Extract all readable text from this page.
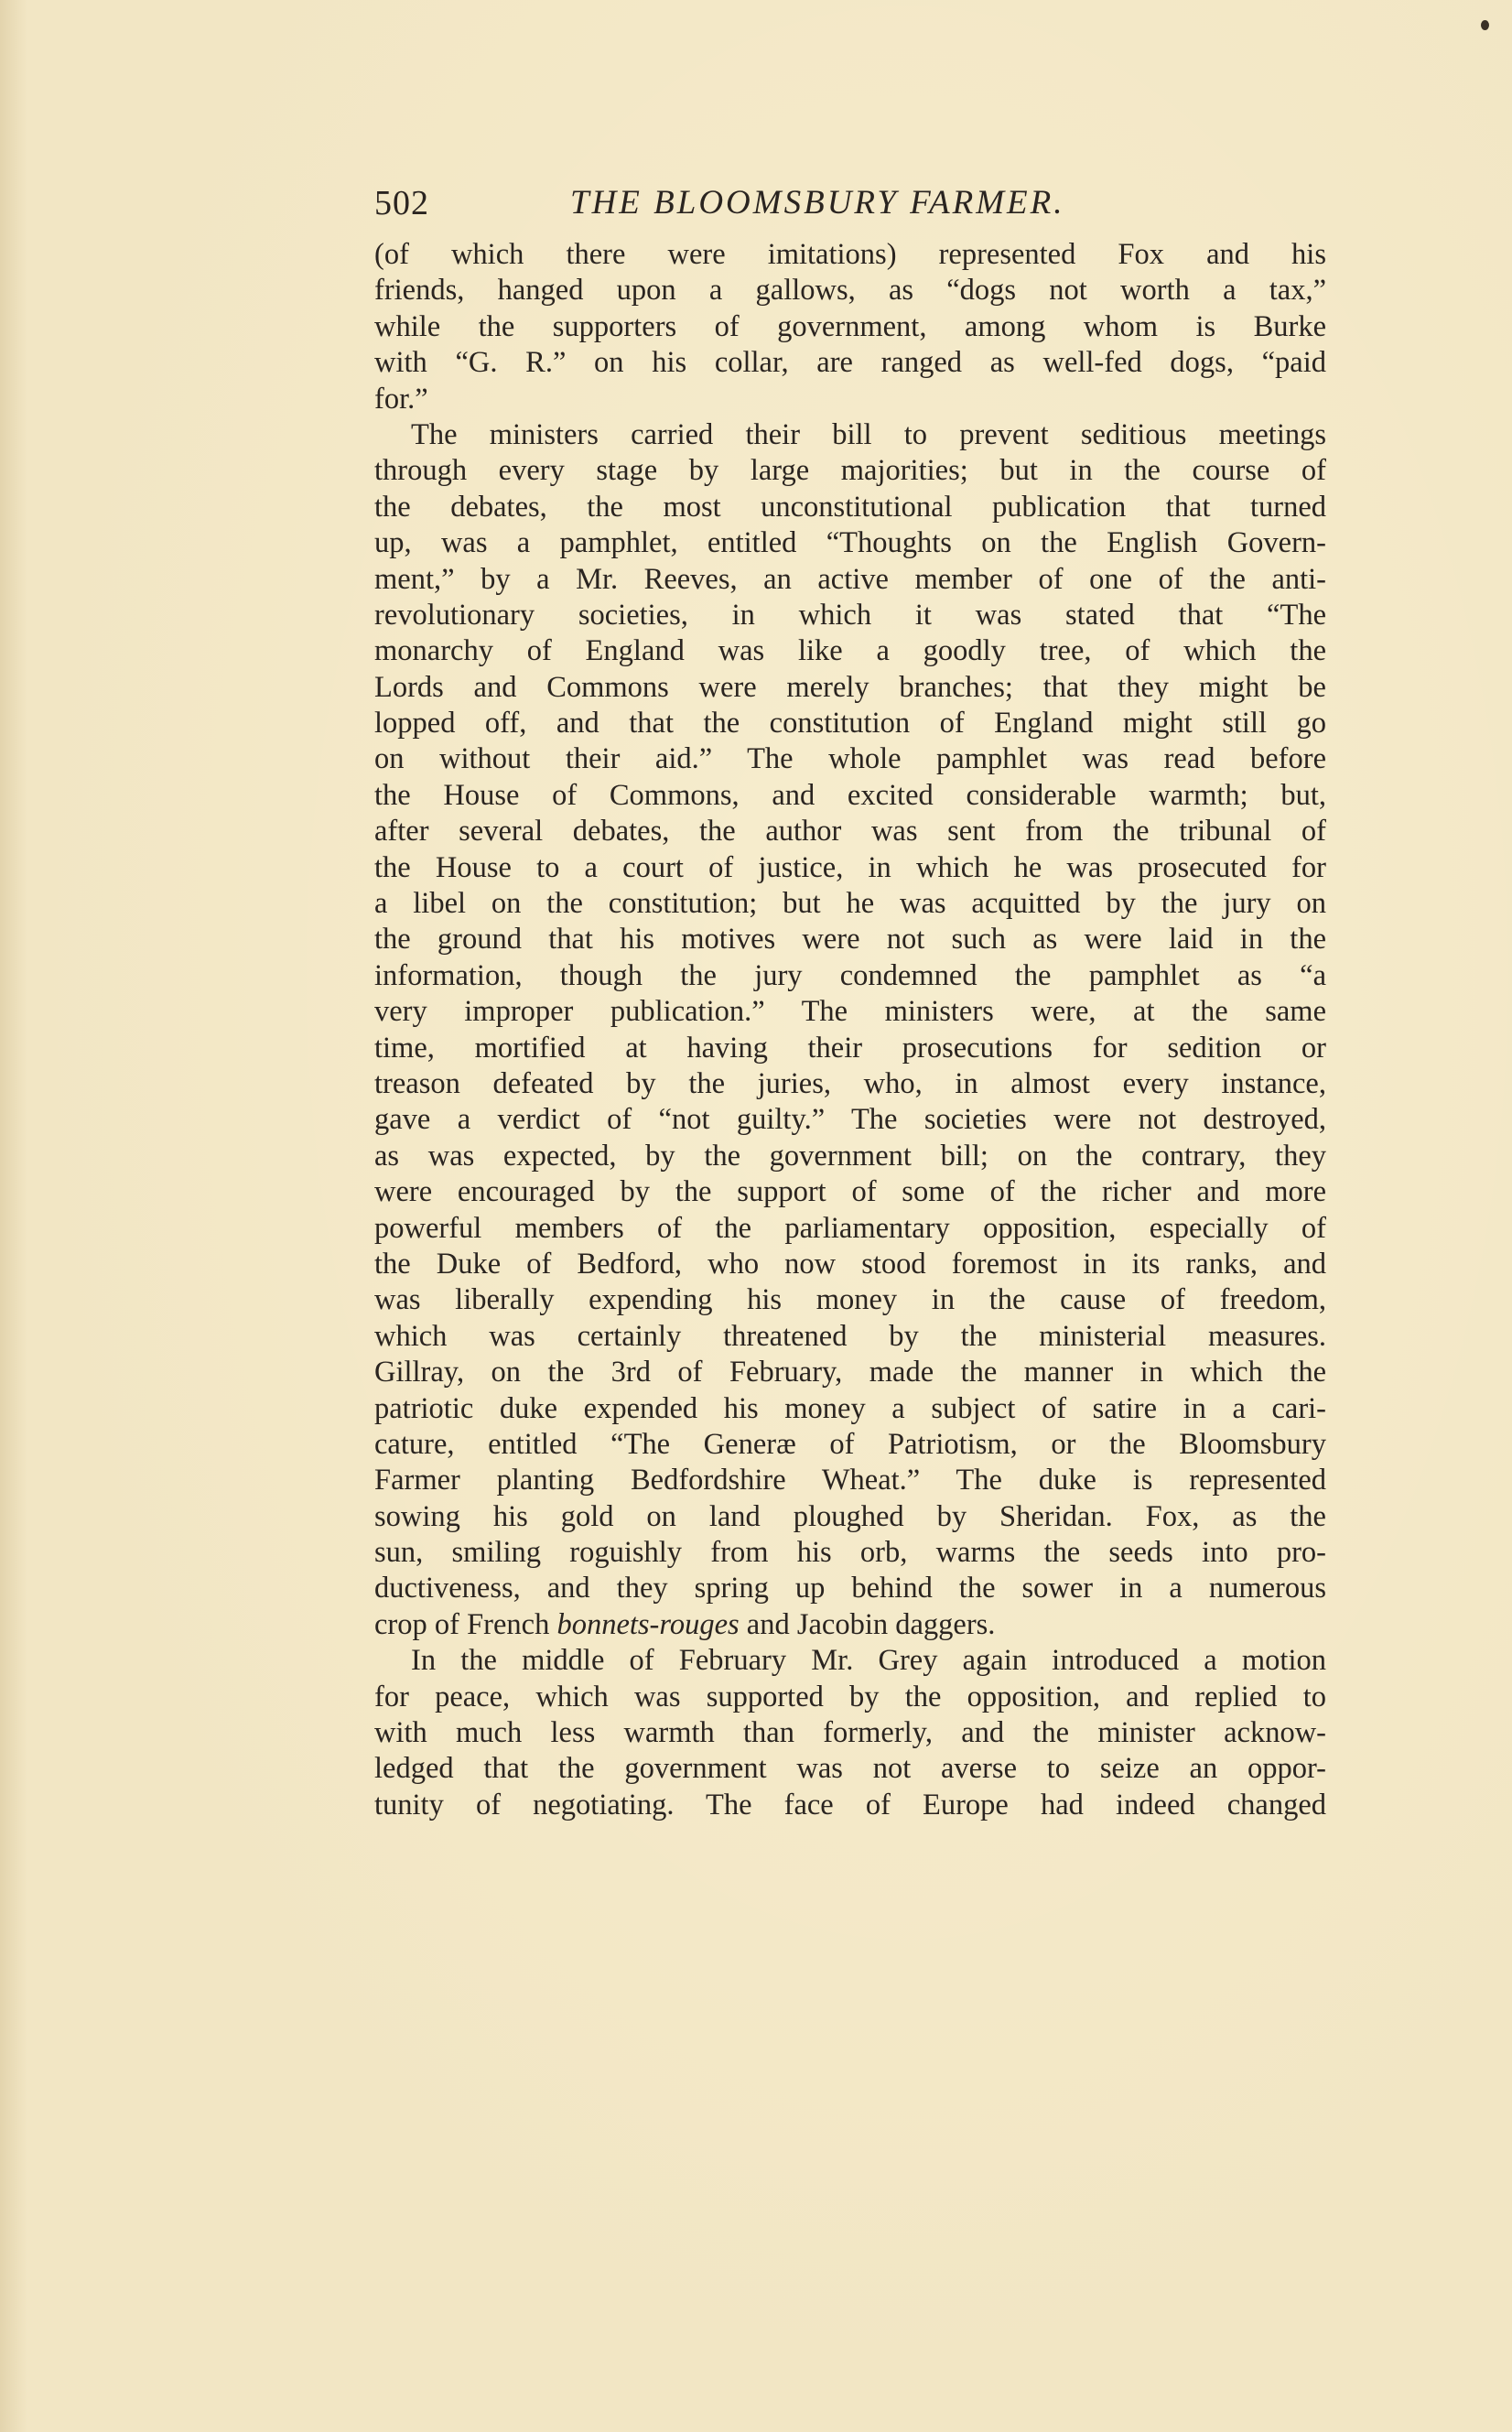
502	THE BLOOMSBURY FARMER.
(of which there were imitations) represented Fox and his
friends, hanged upon a gallows, as “dogs not worth a tax,”
while the supporters of government, among whom is Burke
with “G. R.” on his collar, are ranged as well-fed dogs, “paid
for.”
The ministers carried their bill to prevent seditious meetings
through every stage by large majorities; but in the course of
the debates, the most unconstitutional publication that turned
up, was a pamphlet, entitled “Thoughts on the English Govern-
ment,” by a Mr. Reeves, an active member of one of the anti-
revolutionary societies, in which it was stated that “The
monarchy of England was like a goodly tree, of which the
Lords and Commons were merely branches; that they might be
lopped off, and that the constitution of England might still go
on without their aid.” The whole pamphlet was read before
the House of Commons, and excited considerable warmth; but,
after several debates, the author was sent from the tribunal of
the House to a court of justice, in which he was prosecuted for
a libel on the constitution; but he was acquitted by the jury on
the ground that his motives were not such as were laid in the
information, though the jury condemned the pamphlet as “a
very improper publication.” The ministers were, at the same
time, mortified at having their prosecutions for sedition or
treason defeated by the juries, who, in almost every instance,
gave a verdict of “not guilty.” The societies were not destroyed,
as was expected, by the government bill; on the contrary, they
were encouraged by the support of some of the richer and more
powerful members of the parliamentary opposition, especially of
the Duke of Bedford, who now stood foremost in its ranks, and
was liberally expending his money in the cause of freedom,
which was certainly threatened by the ministerial measures.
Gillray, on the 3rd of February, made the manner in which the
patriotic duke expended his money a subject of satire in a cari-
cature, entitled “The Generæ of Patriotism, or the Bloomsbury
Farmer planting Bedfordshire Wheat.” The duke is represented
sowing his gold on land ploughed by Sheridan. Fox, as the
sun, smiling roguishly from his orb, warms the seeds into pro-
ductiveness, and they spring up behind the sower in a numerous
crop of French bonnets-rouges and Jacobin daggers.
In the middle of February Mr. Grey again introduced a motion
for peace, which was supported by the opposition, and replied to
with much less warmth than formerly, and the minister acknow-
ledged that the government was not averse to seize an oppor-
tunity of negotiating. The face of Europe had indeed changed
